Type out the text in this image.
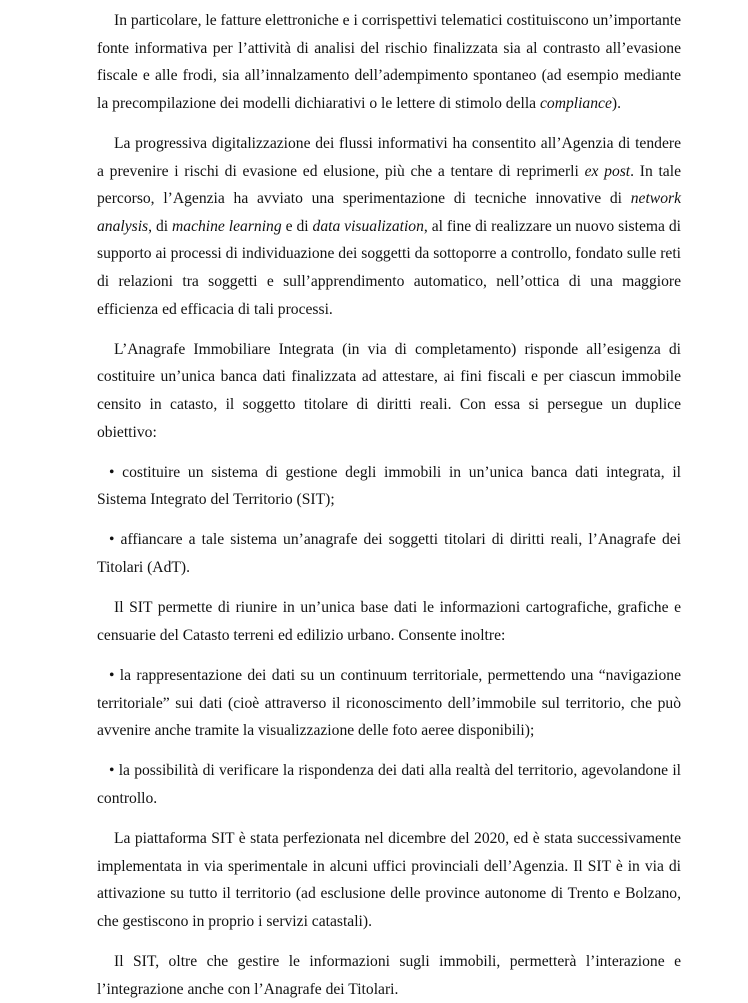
In particolare, le fatture elettroniche e i corrispettivi telematici costituiscono un’importante fonte informativa per l’attività di analisi del rischio finalizzata sia al contrasto all’evasione fiscale e alle frodi, sia all’innalzamento dell’adempimento spontaneo (ad esempio mediante la precompilazione dei modelli dichiarativi o le lettere di stimolo della compliance).

La progressiva digitalizzazione dei flussi informativi ha consentito all’Agenzia di tendere a prevenire i rischi di evasione ed elusione, più che a tentare di reprimerli ex post. In tale percorso, l’Agenzia ha avviato una sperimentazione di tecniche innovative di network analysis, di machine learning e di data visualization, al fine di realizzare un nuovo sistema di supporto ai processi di individuazione dei soggetti da sottoporre a controllo, fondato sulle reti di relazioni tra soggetti e sull’apprendimento automatico, nell’ottica di una maggiore efficienza ed efficacia di tali processi.

L’Anagrafe Immobiliare Integrata (in via di completamento) risponde all’esigenza di costituire un’unica banca dati finalizzata ad attestare, ai fini fiscali e per ciascun immobile censito in catasto, il soggetto titolare di diritti reali. Con essa si persegue un duplice obiettivo:

• costituire un sistema di gestione degli immobili in un’unica banca dati integrata, il Sistema Integrato del Territorio (SIT);

• affiancare a tale sistema un’anagrafe dei soggetti titolari di diritti reali, l’Anagrafe dei Titolari (AdT).

Il SIT permette di riunire in un’unica base dati le informazioni cartografiche, grafiche e censuarie del Catasto terreni ed edilizio urbano. Consente inoltre:

• la rappresentazione dei dati su un continuum territoriale, permettendo una “navigazione territoriale” sui dati (cioè attraverso il riconoscimento dell’immobile sul territorio, che può avvenire anche tramite la visualizzazione delle foto aeree disponibili);

• la possibilità di verificare la rispondenza dei dati alla realtà del territorio, agevolandone il controllo.

La piattaforma SIT è stata perfezionata nel dicembre del 2020, ed è stata successivamente implementata in via sperimentale in alcuni uffici provinciali dell’Agenzia. Il SIT è in via di attivazione su tutto il territorio (ad esclusione delle province autonome di Trento e Bolzano, che gestiscono in proprio i servizi catastali).

Il SIT, oltre che gestire le informazioni sugli immobili, permetterà l’interazione e l’integrazione anche con l’Anagrafe dei Titolari.
